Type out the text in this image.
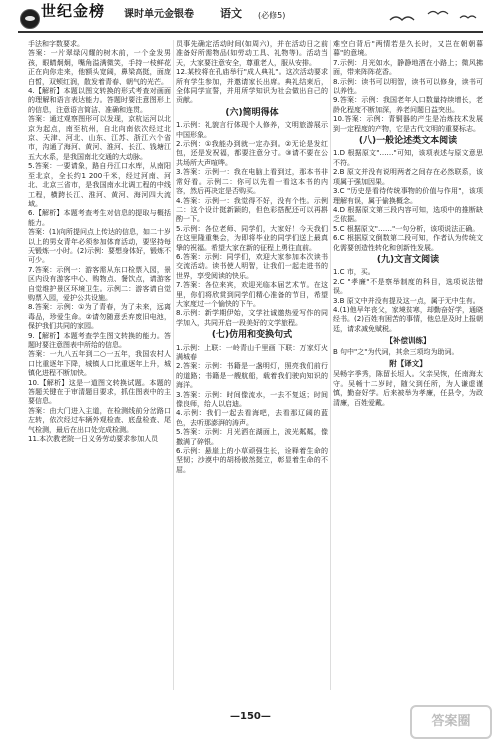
世纪金榜 课时单元金银卷 语文 (必修5)

手法和字数要求。

答案：一片翠绿闪耀的树木前，一个金发男孩，眼睛炯炯，嘴角溢满微笑，手持一枝鲜花正在向你走来，他额头宽阔，鼻梁高挺，面庞白皙，双颊红润，散发着青春、朝气的光芒。

4.【解析】本题以图文转换的形式考查对画面的理解和语言表达能力。答题时要注意图形上的信息，注意语言简洁、准确和连贯。

答案：通过观察图形可以发现，京杭运河以北京为起点，南至杭州，自北向南依次经过北京、天津、河北、山东、江苏、浙江六个省市，沟通了海河、黄河、淮河、长江、钱塘江五大水系，是我国南北交通的大动脉。

5.答案：一要请象，路自丹江口水库，从南阳至北京，全长约1 200千米，经过河南、河北、北京三省市，是我国南水北调工程的中线工程，横跨长江、淮河、黄河、海河四大流域。

6.【解析】本题考查考生对信息的提取与概括能力。

答案：(1)向所提问点上传达的信息，如二十岁以上的男女青年必须参加体育活动，要坚持每天锻炼一小时。(2)示例：要想身体好，锻炼不可少。

7.答案：示例一：游客需从东口检票入园，景区内设有游客中心、购物点、餐饮点，请游客自觉维护景区环境卫生。示例二：游客请自觉购票入园，爱护公共设施。

8.答案：示例：①为了青春，为了未来，远离毒品，珍爱生命。②请勿随意丢弃废旧电池，保护我们共同的家园。

9.【解析】本题考查学生图文转换的能力。答题时要注意图表中所给的信息。

答案：一九八五年到二○一五年，我国农村人口比重逐年下降，城镇人口比重逐年上升，城镇化进程不断加快。

10.【解析】这是一道图文转换试题。本题的答题关键在于审清题目要求，抓住图表中的主要信息。

答案：由大门进入主道，在检测线前分岔路口左转，依次经过车辆外观检查、底盘检查、尾气检测，最后在出口处完成检测。

11.本次教老院一日义务劳动要求参加人员

员事先确定活动时间(如周六)，并在活动日之前准备好所需物品(如劳动工具、礼物等)。活动当天，大家要注意安全，尊重老人，服从安排。

12.某校将在孔庙举行"成人典礼"。这次活动要求所有学生参加，并邀请家长出席。典礼结束后，全体同学宣誓，并用所学知识为社会做出自己的贡献。

(六)简明得体

1.示例：礼貌言行体现个人修养，文明旅游展示中国形象。

2.示例：①我能办到就一定办到。②无论是发红包，还是发祝福，都要注意分寸。③请不要在公共场所大声喧哗。

3.答案：示例一：我在电脑上看到过，那本书非常好看。示例二：你可以先看一看这本书的内容，然后再决定是否购买。

4.答案：示例一：我觉得不好，没有个性。示例二：这个设计挺新颖的，但色彩搭配还可以再斟酌一下。

5.示例：各位老师、同学们，大家好！今天我们在这里隆重集会，为即将毕业的同学们送上最真挚的祝福。希望大家在新的征程上勇往直前。

6.答案：示例：同学们，欢迎大家参加本次读书交流活动。读书使人明智，让我们一起走进书的世界，享受阅读的快乐。

7.答案：各位来宾，欢迎光临本届艺术节。在这里，你们将欣赏到同学们精心准备的节目，希望大家度过一个愉快的下午。

8.示例：新学期伊始，文学社诚邀热爱写作的同学加入，共同开启一段美好的文学旅程。

(七)仿用和变换句式

1.示例：上联：一岭青山千里画 下联：万家灯火满城春

2.答案：示例：书籍是一盏明灯，照亮我们前行的道路；书籍是一艘航船，载着我们驶向知识的海洋。

3.答案：示例：时间像流水，一去不复返；时间像良师，给人以启迪。

4.示例：我们一起去看海吧，去看那辽阔的蓝色，去听那澎湃的涛声。

5.答案：示例：月光洒在湖面上，波光粼粼，像撒满了碎银。

6.示例：悬崖上的小草顽强生长，诠释着生命的坚韧；沙漠中的胡杨傲然挺立，彰显着生命的不屈。

难空白背后"两情若是久长时，又岂在朝朝暮暮"的意境。

7.示例：月光如水，静静地洒在小路上；微风拂面，带来阵阵花香。

8.示例：读书可以明智，读书可以修身，读书可以养性。

9.答案：示例：我国老年人口数量持续增长，老龄化程度不断加深，养老问题日益突出。

10.答案：示例：青铜器的产生是冶炼技术发展到一定程度的产物，它是古代文明的重要标志。

(八)一般论述类文本阅读

1.D 根据原文"……"可知，该项表述与原文意思不符。

2.B 原文并没有说明两者之间存在必然联系，该项属于强加因果。

3.C "历史是看待传统事物的价值与作用"，该项理解有误，属于偷换概念。

4.D 根据原文第三段内容可知，选项中的推断缺乏依据。

5.C 根据原文"……"一句分析，该项说法正确。

6.C 根据原文倒数第二段可知，作者认为传统文化需要创造性转化和创新性发展。

(九)文言文阅读

1.C 市，买。

2.C "孝廉"不是察举制度的科目，选项说法错误。

3.B 原文中并没有提及这一点，属于无中生有。

4.(1)他早年丧父，家境贫寒，却勤奋好学，通晓经书。(2)百姓有困苦的事情，他总是及时上报朝廷，请求减免赋税。

【补偿训练】

B 句中"之"为代词，其余三项均为助词。

附【译文】

吴畅字季秀，陈留长垣人。父亲吴恢，任南海太守。吴畅十二岁时，随父到任所，为人谦虚谨慎，勤奋好学。后来被举为孝廉，任县令，为政清廉，百姓爱戴。

—150—	答案圈
